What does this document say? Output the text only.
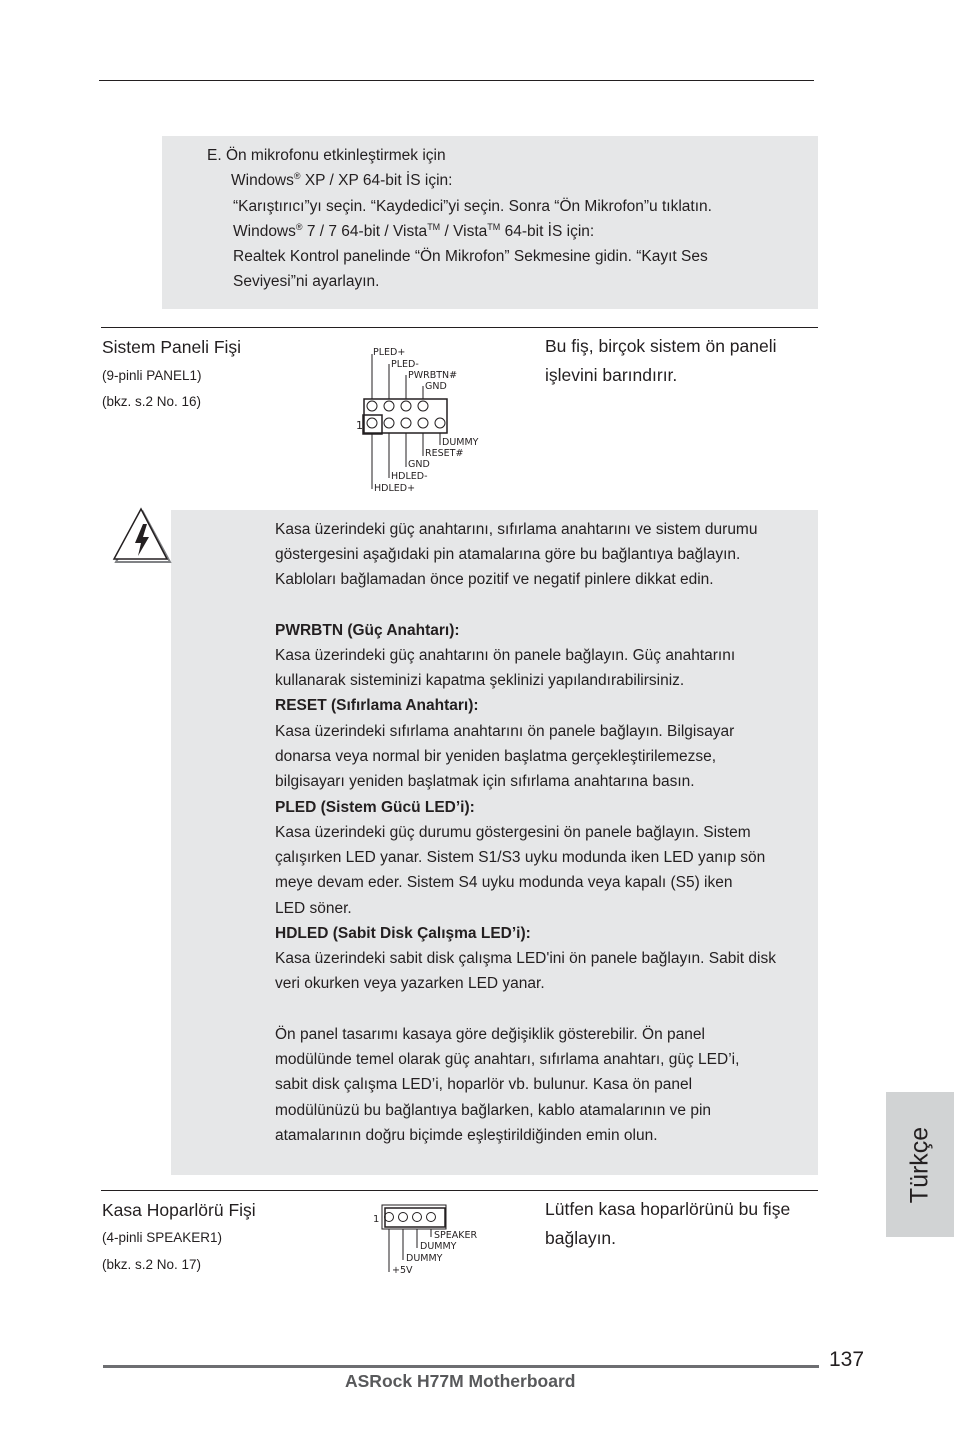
E. Ön mikrofonu etkinleştirmek için
Windows® XP / XP 64-bit İS için:
“Karıştırıcı”yı seçin. “Kaydedici”yi seçin. Sonra “Ön Mikrofon”u tıklatın.
Windows® 7 / 7 64-bit / Vista™ / Vista™ 64-bit İS için:
Realtek Kontrol panelinde “Ön Mikrofon” Sekmesine gidin. “Kayıt Ses
Seviyesi”ni ayarlayın.
Sistem Paneli Fişi
(9-pinli PANEL1)
(bkz. s.2 No. 16)
Bu fiş, birçok sistem ön paneli
işlevini barındırır.
1
PLED+
PLED-
PWRBTN#
GND
DUMMY
RESET#
GND
HDLED-
HDLED+
Kasa üzerindeki güç anahtarını, sıfırlama anahtarını ve sistem durumu
göstergesini aşağıdaki pin atamalarına göre bu bağlantıya bağlayın.
Kabloları bağlamadan önce pozitif ve negatif pinlere dikkat edin.
PWRBTN (Güç Anahtarı):
Kasa üzerindeki güç anahtarını ön panele bağlayın. Güç anahtarını
kullanarak sisteminizi kapatma şeklinizi yapılandırabilirsiniz.
RESET (Sıfırlama Anahtarı):
Kasa üzerindeki sıfırlama anahtarını ön panele bağlayın. Bilgisayar
donarsa veya normal bir yeniden başlatma gerçekleştirilemezse,
bilgisayarı yeniden başlatmak için sıfırlama anahtarına basın.
PLED (Sistem Gücü LED’i):
Kasa üzerindeki güç durumu göstergesini ön panele bağlayın. Sistem
çalışırken LED yanar. Sistem S1/S3 uyku modunda iken LED yanıp sön
meye devam eder. Sistem S4 uyku modunda veya kapalı (S5) iken
LED söner.
HDLED (Sabit Disk Çalışma LED’i):
Kasa üzerindeki sabit disk çalışma LED'ini ön panele bağlayın. Sabit disk
veri okurken veya yazarken LED yanar.
Ön panel tasarımı kasaya göre değişiklik gösterebilir. Ön panel
modülünde temel olarak güç anahtarı, sıfırlama anahtarı, güç LED’i,
sabit disk çalışma LED’i, hoparlör vb. bulunur. Kasa ön panel
modülünüzü bu bağlantıya bağlarken, kablo atamalarının ve pin
atamalarının doğru biçimde eşleştirildiğinden emin olun.
Kasa Hoparlörü Fişi
(4-pinli SPEAKER1)
(bkz. s.2 No. 17)
Lütfen kasa hoparlörünü bu fişe
bağlayın.
1
SPEAKER
DUMMY
DUMMY
+5V
Türkçe
137
ASRock H77M Motherboard
